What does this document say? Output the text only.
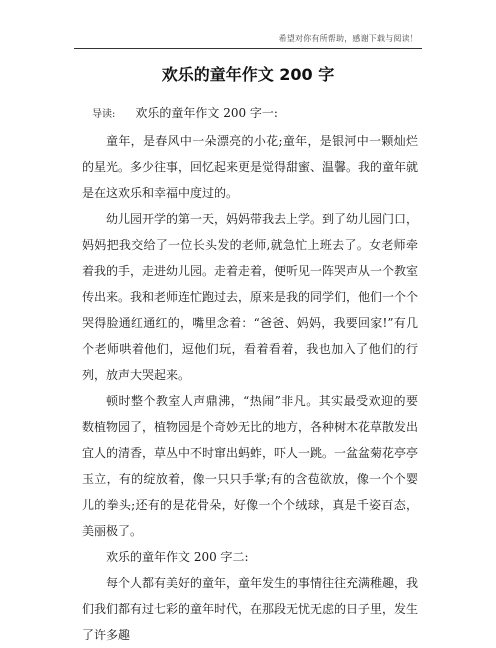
希望对你有所帮助，感谢下载与阅读！
欢乐的童年作文 200 字

导读: 欢乐的童年作文 200 字一:

童年，是春风中一朵漂亮的小花;童年，是银河中一颗灿烂的星光。多少往事，回忆起来更是觉得甜蜜、温馨。我的童年就是在这欢乐和幸福中度过的。

幼儿园开学的第一天，妈妈带我去上学。到了幼儿园门口，妈妈把我交给了一位长头发的老师,就急忙上班去了。女老师牵着我的手，走进幼儿园。走着走着，便听见一阵哭声从一个教室传出来。我和老师连忙跑过去，原来是我的同学们，他们一个个哭得脸通红通红的，嘴里念着：“爸爸、妈妈，我要回家!”有几个老师哄着他们，逗他们玩，看着看着，我也加入了他们的行列，放声大哭起来。

顿时整个教室人声鼎沸，“热闹”非凡。其实最受欢迎的要数植物园了，植物园是个奇妙无比的地方，各种树木花草散发出宜人的清香，草丛中不时窜出蚂蚱，吓人一跳。一盆盆菊花亭亭玉立，有的绽放着，像一只只手掌;有的含苞欲放，像一个个婴儿的拳头;还有的是花骨朵，好像一个个绒球，真是千姿百态，美丽极了。

欢乐的童年作文 200 字二:

每个人都有美好的童年，童年发生的事情往往充满稚趣，我们我们都有过七彩的童年时代，在那段无忧无虑的日子里，发生了许多趣
